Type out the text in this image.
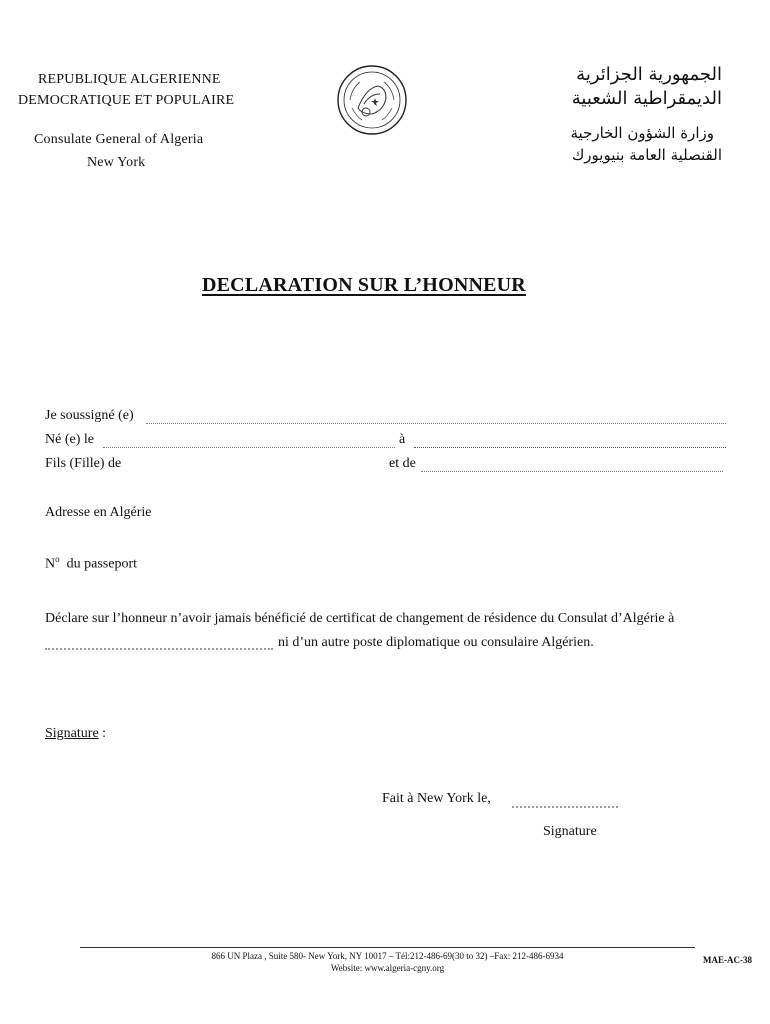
REPUBLIQUE ALGERIENNE
DEMOCRATIQUE ET POPULAIRE
Consulate General of Algeria
New York
الجمهورية الجزائرية
الديمقراطية الشعبية
وزارة الشؤون الخارجية
القنصلية العامة بنيويورك
DECLARATION SUR L’HONNEUR
Je soussigné (e)
Né (e) le	à
Fils (Fille) de	et de
Adresse en Algérie
$N^o$ du passeport
Déclare sur l’honneur n’avoir jamais bénéficié de certificat de changement de résidence du Consulat d’Algérie à
ni d’un autre poste diplomatique ou consulaire Algérien.
Signature :
Fait à New York le,
Signature
866 UN Plaza , Suite 580- New York, NY 10017 – Tél:212-486-69(30 to 32) –Fax: 212-486-6934
Website: www.algeria-cgny.org
MAE-AC-38
